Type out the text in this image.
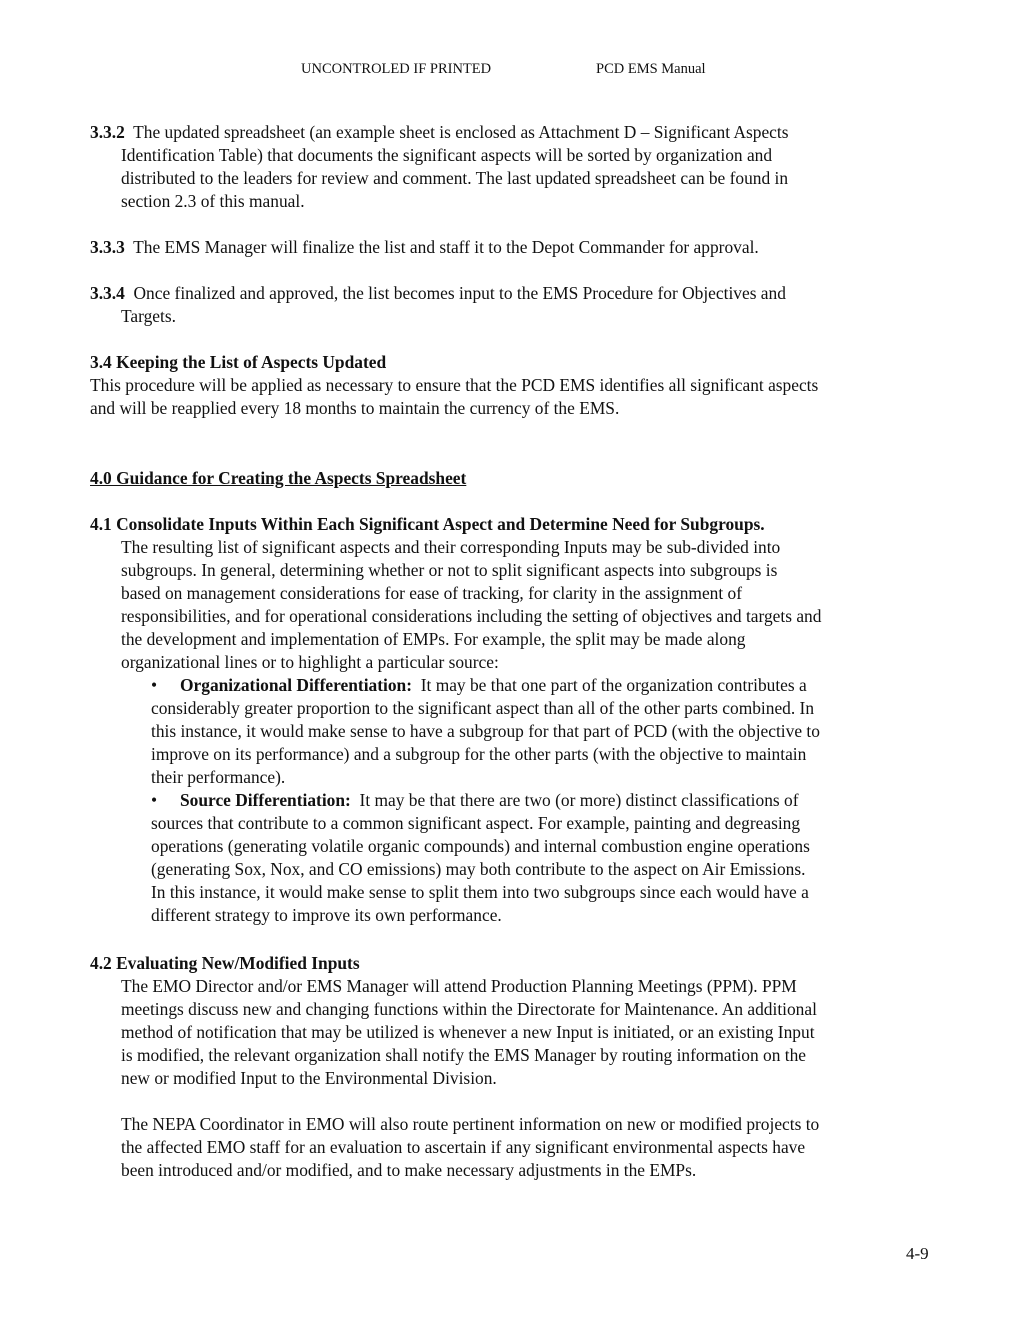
UNCONTROLED IF PRINTED	PCD EMS Manual
3.3.2 The updated spreadsheet (an example sheet is enclosed as Attachment D – Significant Aspects
Identification Table) that documents the significant aspects will be sorted by organization and
distributed to the leaders for review and comment. The last updated spreadsheet can be found in
section 2.3 of this manual.
3.3.3 The EMS Manager will finalize the list and staff it to the Depot Commander for approval.
3.3.4 Once finalized and approved, the list becomes input to the EMS Procedure for Objectives and
Targets.
3.4 Keeping the List of Aspects Updated
This procedure will be applied as necessary to ensure that the PCD EMS identifies all significant aspects
and will be reapplied every 18 months to maintain the currency of the EMS.
4.0 Guidance for Creating the Aspects Spreadsheet
4.1 Consolidate Inputs Within Each Significant Aspect and Determine Need for Subgroups.
The resulting list of significant aspects and their corresponding Inputs may be sub-divided into
subgroups. In general, determining whether or not to split significant aspects into subgroups is
based on management considerations for ease of tracking, for clarity in the assignment of
responsibilities, and for operational considerations including the setting of objectives and targets and
the development and implementation of EMPs. For example, the split may be made along
organizational lines or to highlight a particular source:
• Organizational Differentiation: It may be that one part of the organization contributes a
considerably greater proportion to the significant aspect than all of the other parts combined. In
this instance, it would make sense to have a subgroup for that part of PCD (with the objective to
improve on its performance) and a subgroup for the other parts (with the objective to maintain
their performance).
• Source Differentiation: It may be that there are two (or more) distinct classifications of
sources that contribute to a common significant aspect. For example, painting and degreasing
operations (generating volatile organic compounds) and internal combustion engine operations
(generating Sox, Nox, and CO emissions) may both contribute to the aspect on Air Emissions.
In this instance, it would make sense to split them into two subgroups since each would have a
different strategy to improve its own performance.
4.2 Evaluating New/Modified Inputs
The EMO Director and/or EMS Manager will attend Production Planning Meetings (PPM). PPM
meetings discuss new and changing functions within the Directorate for Maintenance. An additional
method of notification that may be utilized is whenever a new Input is initiated, or an existing Input
is modified, the relevant organization shall notify the EMS Manager by routing information on the
new or modified Input to the Environmental Division.
The NEPA Coordinator in EMO will also route pertinent information on new or modified projects to
the affected EMO staff for an evaluation to ascertain if any significant environmental aspects have
been introduced and/or modified, and to make necessary adjustments in the EMPs.
4-9
